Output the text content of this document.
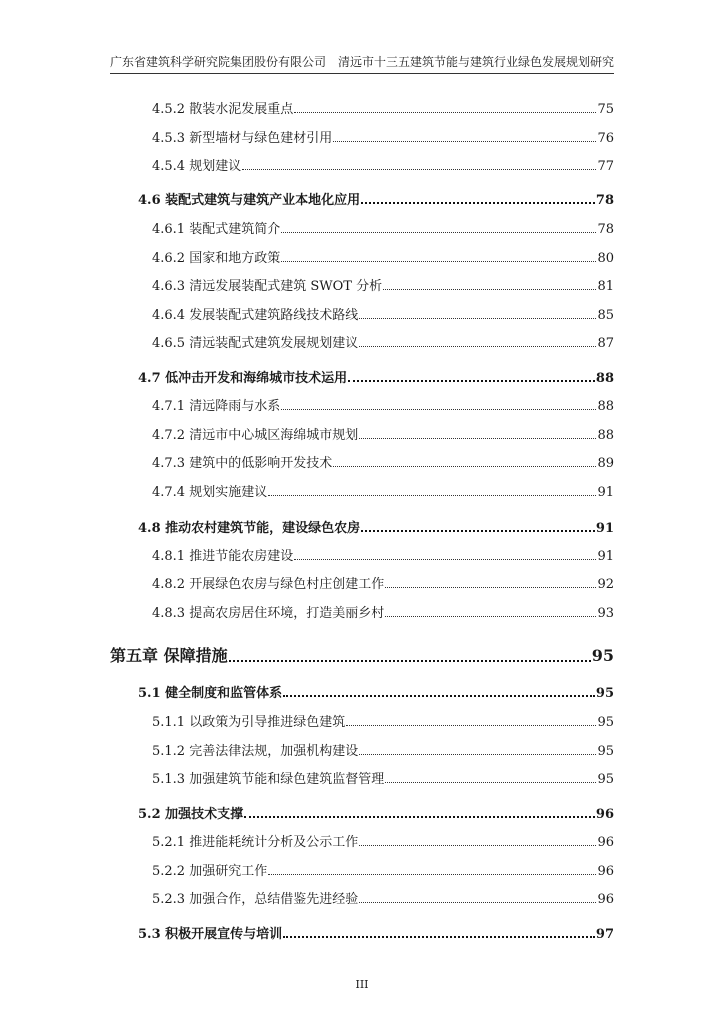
广东省建筑科学研究院集团股份有限公司 清远市十三五建筑节能与建筑行业绿色发展规划研究
4.5.2 散装水泥发展重点	75
4.5.3 新型墙材与绿色建材引用	76
4.5.4 规划建议	77
4.6 装配式建筑与建筑产业本地化应用	78
4.6.1 装配式建筑简介	78
4.6.2 国家和地方政策	80
4.6.3 清远发展装配式建筑 SWOT 分析	81
4.6.4 发展装配式建筑路线技术路线	85
4.6.5 清远装配式建筑发展规划建议	87
4.7 低冲击开发和海绵城市技术运用	88
4.7.1 清远降雨与水系	88
4.7.2 清远市中心城区海绵城市规划	88
4.7.3 建筑中的低影响开发技术	89
4.7.4 规划实施建议	91
4.8 推动农村建筑节能，建设绿色农房	91
4.8.1 推进节能农房建设	91
4.8.2 开展绿色农房与绿色村庄创建工作	92
4.8.3 提高农房居住环境，打造美丽乡村	93
第五章 保障措施	95
5.1 健全制度和监管体系	95
5.1.1 以政策为引导推进绿色建筑	95
5.1.2 完善法律法规，加强机构建设	95
5.1.3 加强建筑节能和绿色建筑监督管理	95
5.2 加强技术支撑	96
5.2.1 推进能耗统计分析及公示工作	96
5.2.2 加强研究工作	96
5.2.3 加强合作，总结借鉴先进经验	96
5.3 积极开展宣传与培训	97
III
